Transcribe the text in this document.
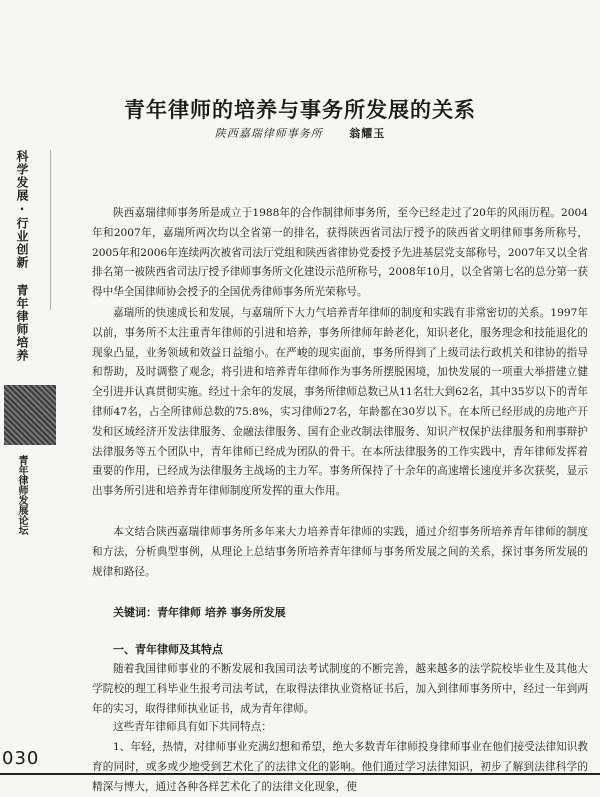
青年律师的培养与事务所发展的关系
陕西嘉瑞律师事务所 翁耀玉
科学发展·行业创新 青年律师培养
青年律师发展论坛

陕西嘉瑞律师事务所是成立于1988年的合作制律师事务所，至今已经走过了20年的风雨历程。2004年和2007年，嘉瑞所两次均以全省第一的排名，获得陕西省司法厅授予的陕西省文明律师事务所称号，2005年和2006年连续两次被省司法厅党组和陕西省律协党委授予先进基层党支部称号，2007年又以全省排名第一被陕西省司法厅授予律师事务所文化建设示范所称号，2008年10月，以全省第七名的总分第一获得中华全国律师协会授予的全国优秀律师事务所光荣称号。

嘉瑞所的快速成长和发展，与嘉瑞所下大力气培养青年律师的制度和实践有非常密切的关系。1997年以前，事务所不太注重青年律师的引进和培养，事务所律师年龄老化，知识老化，服务理念和技能退化的现象凸显，业务领域和效益日益缩小。在严峻的现实面前，事务所得到了上级司法行政机关和律协的指导和帮助，及时调整了观念，将引进和培养青年律师作为事务所摆脱困境，加快发展的一项重大举措建立健全引进并认真贯彻实施。经过十余年的发展，事务所律师总数已从11名壮大到62名，其中35岁以下的青年律师47名，占全所律师总数的75.8%，实习律师27名，年龄都在30岁以下。在本所已经形成的房地产开发和区域经济开发法律服务、金融法律服务、国有企业改制法律服务、知识产权保护法律服务和刑事辩护法律服务等五个团队中，青年律师已经成为团队的骨干。在本所法律服务的工作实践中，青年律师发挥着重要的作用，已经成为法律服务主战场的主力军。事务所保持了十余年的高速增长速度并多次获奖，显示出事务所引进和培养青年律师制度所发挥的重大作用。

本文结合陕西嘉瑞律师事务所多年来大力培养青年律师的实践，通过介绍事务所培养青年律师的制度和方法，分析典型事例，从理论上总结事务所培养青年律师与事务所发展之间的关系，探讨事务所发展的规律和路径。

关键词：青年律师 培养 事务所发展
一、青年律师及其特点

随着我国律师事业的不断发展和我国司法考试制度的不断完善，越来越多的法学院校毕业生及其他大学院校的理工科毕业生报考司法考试，在取得法律执业资格证书后，加入到律师事务所中，经过一年到两年的实习，取得律师执业证书，成为青年律师。

这些青年律师具有如下共同特点：

1、年轻，热情，对律师事业充满幻想和希望，绝大多数青年律师投身律师事业在他们接受法律知识教育的同时，或多或少地受到艺术化了的法律文化的影响。他们通过学习法律知识，初步了解到法律科学的精深与博大，通过各种各样艺术化了的法律文化现象，使

030
